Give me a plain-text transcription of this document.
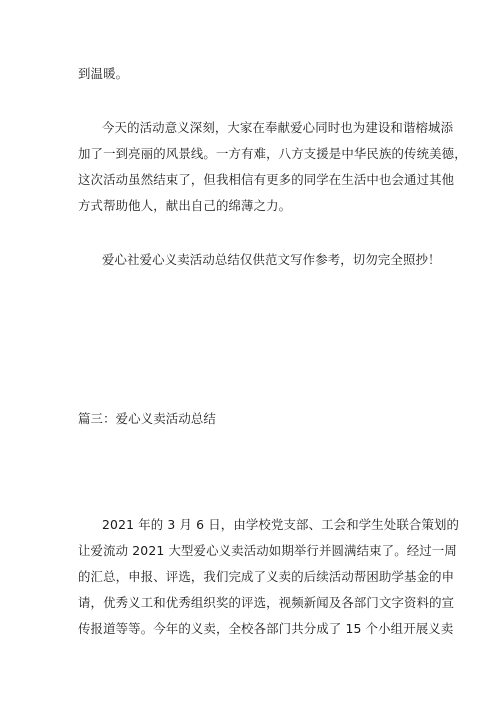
到温暖。
今天的活动意义深刻，大家在奉献爱心同时也为建设和谐榕城添
加了一到亮丽的风景线。一方有难，八方支援是中华民族的传统美德，
这次活动虽然结束了，但我相信有更多的同学在生活中也会通过其他
方式帮助他人，献出自己的绵薄之力。
爱心社爱心义卖活动总结仅供范文写作参考，切勿完全照抄！
篇三：爱心义卖活动总结
2021 年的 3 月 6 日，由学校党支部、工会和学生处联合策划的
让爱流动 2021 大型爱心义卖活动如期举行并圆满结束了。经过一周
的汇总，申报、评选，我们完成了义卖的后续活动帮困助学基金的申
请，优秀义工和优秀组织奖的评选，视频新闻及各部门文字资料的宣
传报道等等。今年的义卖，全校各部门共分成了 15 个小组开展义卖
